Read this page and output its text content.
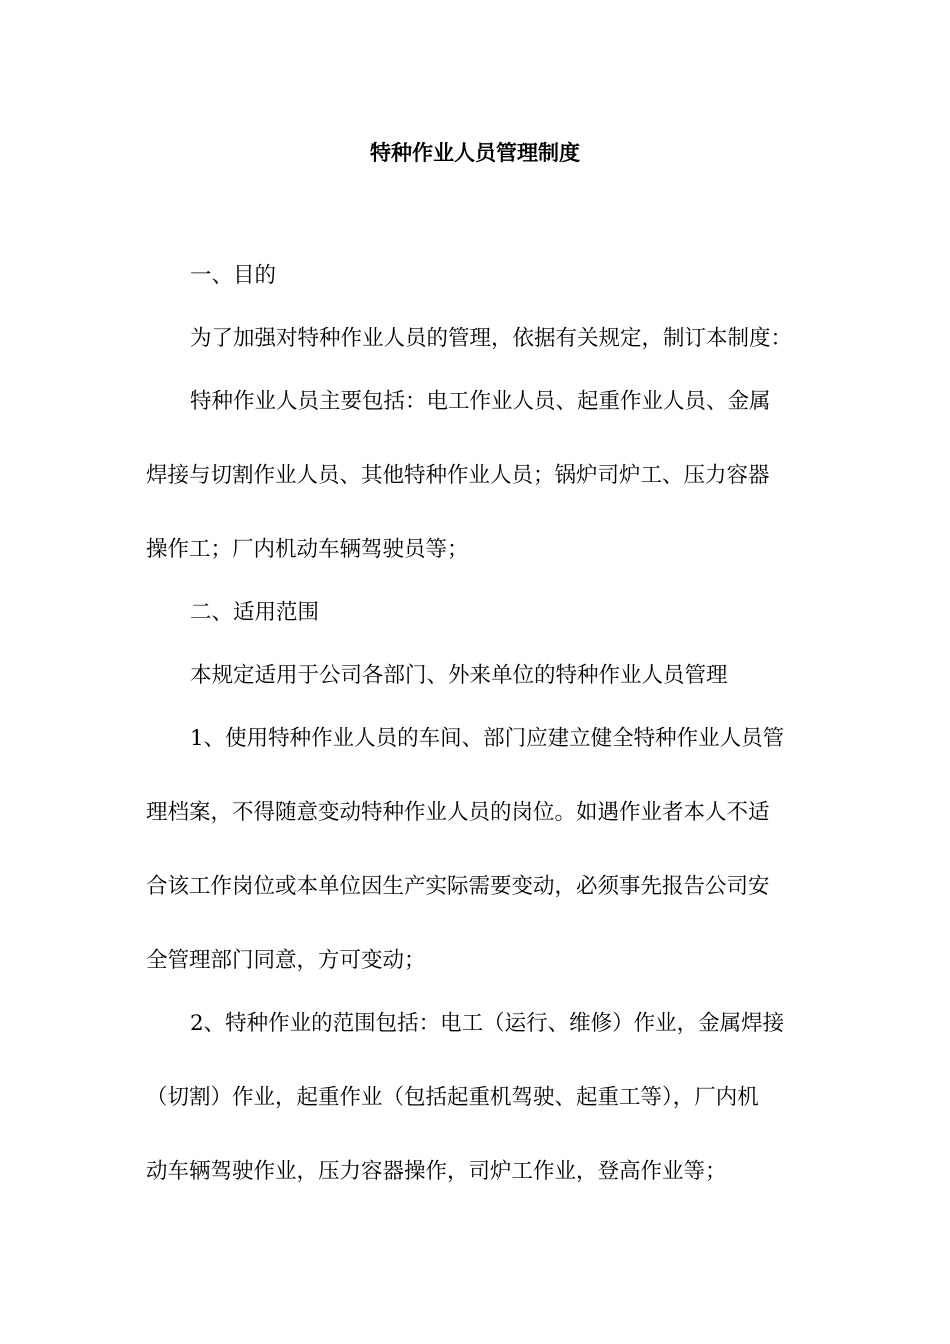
特种作业人员管理制度
一、目的
为了加强对特种作业人员的管理，依据有关规定，制订本制度：
特种作业人员主要包括：电工作业人员、起重作业人员、金属
焊接与切割作业人员、其他特种作业人员；锅炉司炉工、压力容器
操作工；厂内机动车辆驾驶员等；
二、适用范围
本规定适用于公司各部门、外来单位的特种作业人员管理
1、使用特种作业人员的车间、部门应建立健全特种作业人员管
理档案，不得随意变动特种作业人员的岗位。如遇作业者本人不适
合该工作岗位或本单位因生产实际需要变动，必须事先报告公司安
全管理部门同意，方可变动；
2、特种作业的范围包括：电工（运行、维修）作业，金属焊接
（切割）作业，起重作业（包括起重机驾驶、起重工等），厂内机
动车辆驾驶作业，压力容器操作，司炉工作业，登高作业等；
